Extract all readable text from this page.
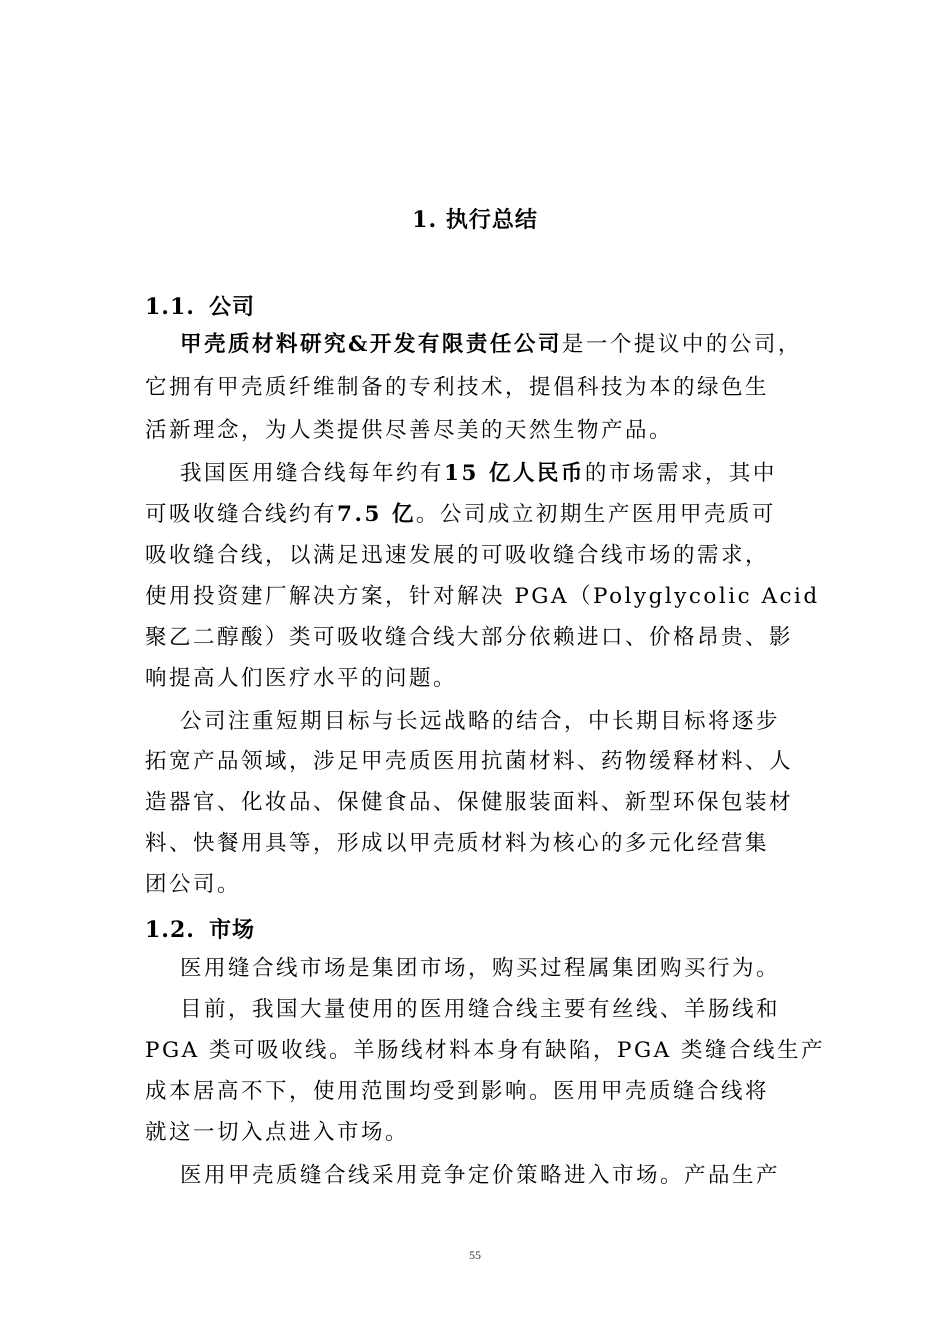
1. 执行总结
1.1. 公司
甲壳质材料研究&开发有限责任公司是一个提议中的公司，
它拥有甲壳质纤维制备的专利技术，提倡科技为本的绿色生
活新理念，为人类提供尽善尽美的天然生物产品。
我国医用缝合线每年约有15 亿人民币的市场需求，其中
可吸收缝合线约有7.5 亿。公司成立初期生产医用甲壳质可
吸收缝合线，以满足迅速发展的可吸收缝合线市场的需求，
使用投资建厂解决方案，针对解决 PGA（Polyglycolic Acid
聚乙二醇酸）类可吸收缝合线大部分依赖进口、价格昂贵、影
响提高人们医疗水平的问题。
公司注重短期目标与长远战略的结合，中长期目标将逐步
拓宽产品领域，涉足甲壳质医用抗菌材料、药物缓释材料、人
造器官、化妆品、保健食品、保健服装面料、新型环保包装材
料、快餐用具等，形成以甲壳质材料为核心的多元化经营集
团公司。
1.2. 市场
医用缝合线市场是集团市场，购买过程属集团购买行为。
目前，我国大量使用的医用缝合线主要有丝线、羊肠线和
PGA 类可吸收线。羊肠线材料本身有缺陷，PGA 类缝合线生产
成本居高不下，使用范围均受到影响。医用甲壳质缝合线将
就这一切入点进入市场。
医用甲壳质缝合线采用竞争定价策略进入市场。产品生产
55
